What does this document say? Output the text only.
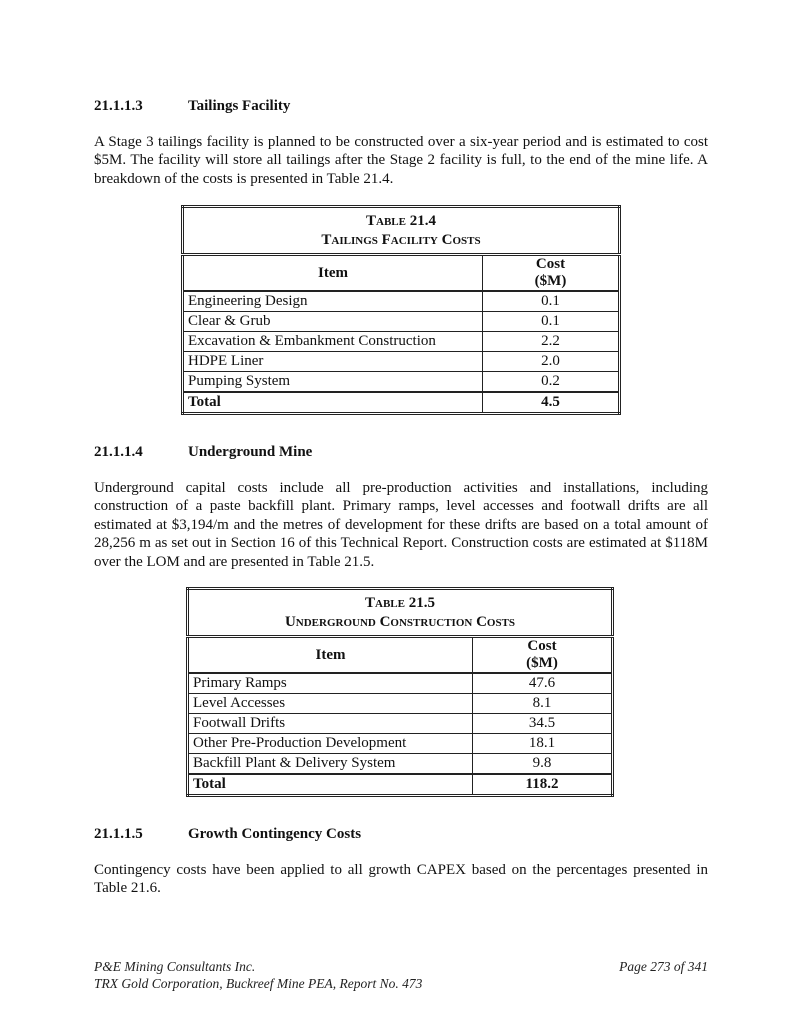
21.1.1.3	Tailings Facility

A Stage 3 tailings facility is planned to be constructed over a six-year period and is estimated to cost $5M. The facility will store all tailings after the Stage 2 facility is full, to the end of the mine life. A breakdown of the costs is presented in Table 21.4.

Table 21.4
Tailings Facility Costs	

Item	Cost
($M)

Engineering Design	0.1
Clear & Grub	0.1
Excavation & Embankment Construction	2.2
HDPE Liner	2.0
Pumping System	0.2
Total	4.5
21.1.1.4	Underground Mine

Underground capital costs include all pre-production activities and installations, including construction of a paste backfill plant. Primary ramps, level accesses and footwall drifts are all estimated at $3,194/m and the metres of development for these drifts are based on a total amount of 28,256 m as set out in Section 16 of this Technical Report. Construction costs are estimated at $118M over the LOM and are presented in Table 21.5.

Table 21.5
Underground Construction Costs	

Item	Cost
($M)

Primary Ramps	47.6
Level Accesses	8.1
Footwall Drifts	34.5
Other Pre-Production Development	18.1
Backfill Plant & Delivery System	9.8
Total	118.2
21.1.1.5	Growth Contingency Costs

Contingency costs have been applied to all growth CAPEX based on the percentages presented in Table 21.6.

P&E Mining Consultants Inc.
TRX Gold Corporation, Buckreef Mine PEA, Report No. 473
Page 273 of 341
